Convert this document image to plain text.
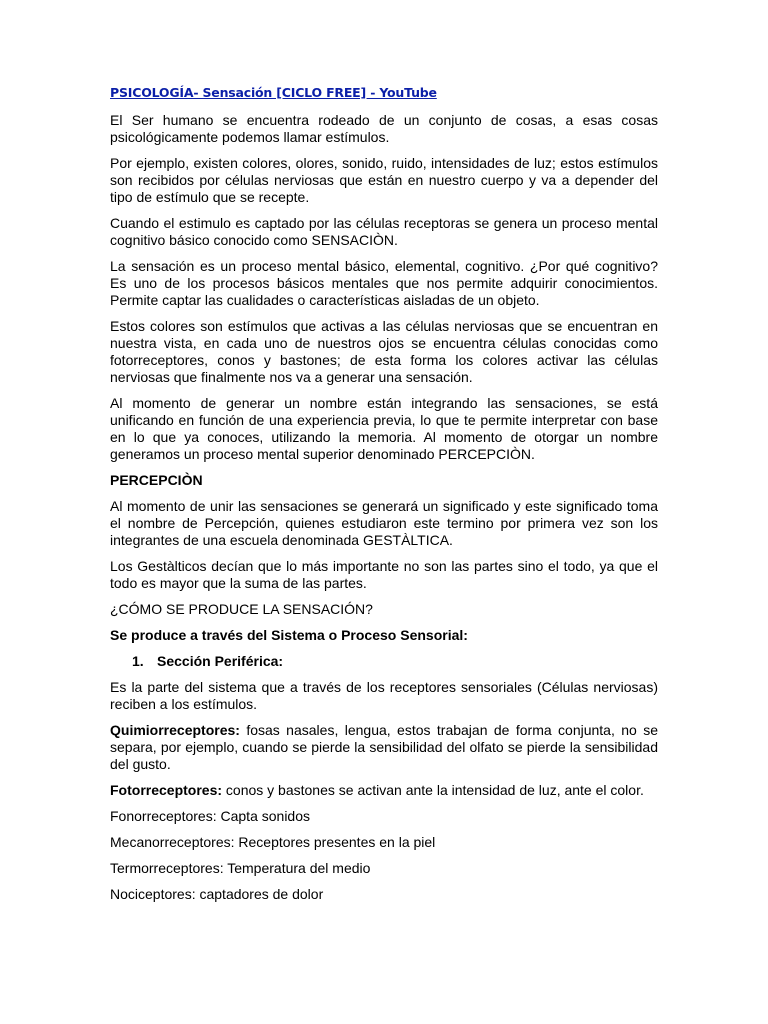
PSICOLOGÍA- Sensación [CICLO FREE] - YouTube

El Ser humano se encuentra rodeado de un conjunto de cosas, a esas cosas psicológicamente podemos llamar estímulos.

Por ejemplo, existen colores, olores, sonido, ruido, intensidades de luz; estos estímulos son recibidos por células nerviosas que están en nuestro cuerpo y va a depender del tipo de estímulo que se recepte.

Cuando el estimulo es captado por las células receptoras se genera un proceso mental cognitivo básico conocido como SENSACIÒN.

La sensación es un proceso mental básico, elemental, cognitivo. ¿Por qué cognitivo? Es uno de los procesos básicos mentales que nos permite adquirir conocimientos. Permite captar las cualidades o características aisladas de un objeto.

Estos colores son estímulos que activas a las células nerviosas que se encuentran en nuestra vista, en cada uno de nuestros ojos se encuentra células conocidas como fotorreceptores, conos y bastones; de esta forma los colores activar las células nerviosas que finalmente nos va a generar una sensación.

Al momento de generar un nombre están integrando las sensaciones, se está unificando en función de una experiencia previa, lo que te permite interpretar con base en lo que ya conoces, utilizando la memoria. Al momento de otorgar un nombre generamos un proceso mental superior denominado PERCEPCIÒN.

PERCEPCIÒN

Al momento de unir las sensaciones se generará un significado y este significado toma el nombre de Percepción, quienes estudiaron este termino por primera vez son los integrantes de una escuela denominada GESTÀLTICA.

Los Gestàlticos decían que lo más importante no son las partes sino el todo, ya que el todo es mayor que la suma de las partes.

¿CÓMO SE PRODUCE LA SENSACIÓN?
Se produce a través del Sistema o Proceso Sensorial:
1. Sección Periférica:

Es la parte del sistema que a través de los receptores sensoriales (Células nerviosas) reciben a los estímulos.

Quimiorreceptores: fosas nasales, lengua, estos trabajan de forma conjunta, no se separa, por ejemplo, cuando se pierde la sensibilidad del olfato se pierde la sensibilidad del gusto.

Fotorreceptores: conos y bastones se activan ante la intensidad de luz, ante el color.

Fonorreceptores: Capta sonidos
Mecanorreceptores: Receptores presentes en la piel
Termorreceptores: Temperatura del medio
Nociceptores: captadores de dolor
